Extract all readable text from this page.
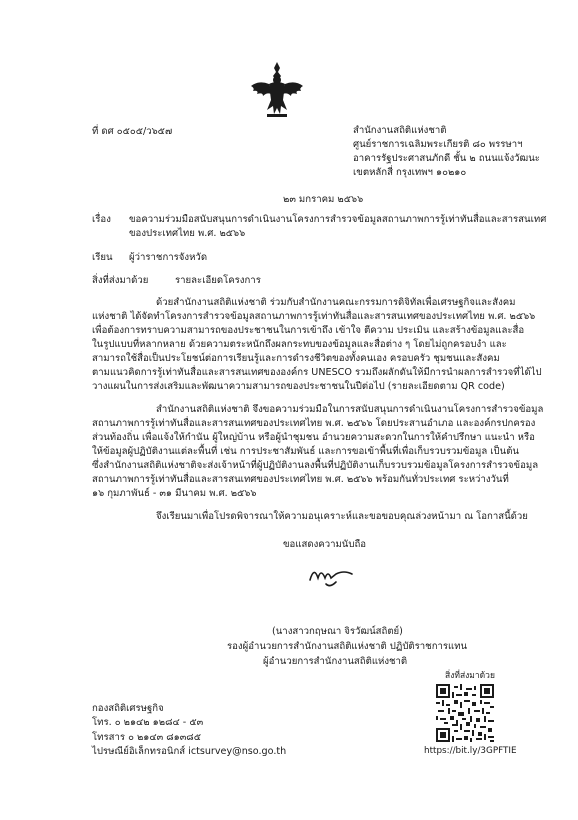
ที่ ดศ ๐๕๐๕/ว๖๕๗	สำนักงานสถิติแห่งชาติ
ศูนย์ราชการเฉลิมพระเกียรติ ๘๐ พรรษาฯ
อาคารรัฐประศาสนภักดี ชั้น ๒ ถนนแจ้งวัฒนะ
เขตหลักสี่ กรุงเทพฯ ๑๐๒๑๐
๒๓ มกราคม ๒๕๖๖
เรื่อง ขอความร่วมมือสนับสนุนการดำเนินงานโครงการสำรวจข้อมูลสถานภาพการรู้เท่าทันสื่อและสารสนเทศ
ของประเทศไทย พ.ศ. ๒๕๖๖
เรียน ผู้ว่าราชการจังหวัด
สิ่งที่ส่งมาด้วย	รายละเอียดโครงการ
ด้วยสำนักงานสถิติแห่งชาติ ร่วมกับสำนักงานคณะกรรมการดิจิทัลเพื่อเศรษฐกิจและสังคม
แห่งชาติ ได้จัดทำโครงการสำรวจข้อมูลสถานภาพการรู้เท่าทันสื่อและสารสนเทศของประเทศไทย พ.ศ. ๒๕๖๖
เพื่อต้องการทราบความสามารถของประชาชนในการเข้าถึง เข้าใจ ตีความ ประเมิน และสร้างข้อมูลและสื่อ
ในรูปแบบที่หลากหลาย ด้วยความตระหนักถึงผลกระทบของข้อมูลและสื่อต่าง ๆ โดยไม่ถูกครอบงำ และ
สามารถใช้สื่อเป็นประโยชน์ต่อการเรียนรู้และการดำรงชีวิตของทั้งคนเอง ครอบครัว ชุมชนและสังคม
ตามแนวคิดการรู้เท่าทันสื่อและสารสนเทศขององค์กร UNESCO รวมถึงผลักดันให้มีการนำผลการสำรวจที่ได้ไป
วางแผนในการส่งเสริมและพัฒนาความสามารถของประชาชนในปีต่อไป (รายละเอียดตาม QR code)
สำนักงานสถิติแห่งชาติ จึงขอความร่วมมือในการสนับสนุนการดำเนินงานโครงการสำรวจข้อมูล
สถานภาพการรู้เท่าทันสื่อและสารสนเทศของประเทศไทย พ.ศ. ๒๕๖๖ โดยประสานอำเภอ และองค์กรปกครอง
ส่วนท้องถิ่น เพื่อแจ้งให้กำนัน ผู้ใหญ่บ้าน หรือผู้นำชุมชน อำนวยความสะดวกในการให้คำปรึกษา แนะนำ หรือ
ให้ข้อมูลผู้ปฏิบัติงานแต่ละพื้นที่ เช่น การประชาสัมพันธ์ และการขอเข้าพื้นที่เพื่อเก็บรวบรวมข้อมูล เป็นต้น
ซึ่งสำนักงานสถิติแห่งชาติจะส่งเจ้าหน้าที่ผู้ปฏิบัติงานลงพื้นที่ปฏิบัติงานเก็บรวบรวมข้อมูลโครงการสำรวจข้อมูล
สถานภาพการรู้เท่าทันสื่อและสารสนเทศของประเทศไทย พ.ศ. ๒๕๖๖ พร้อมกันทั่วประเทศ ระหว่างวันที่
๑๖ กุมภาพันธ์ - ๓๑ มีนาคม พ.ศ. ๒๕๖๖
จึงเรียนมาเพื่อโปรดพิจารณาให้ความอนุเคราะห์และขอขอบคุณล่วงหน้ามา ณ โอกาสนี้ด้วย
ขอแสดงความนับถือ
(นางสาวกฤษณา จิรวัฒน์สถิตย์)
รองผู้อำนวยการสำนักงานสถิติแห่งชาติ ปฏิบัติราชการแทน
ผู้อำนวยการสำนักงานสถิติแห่งชาติ
กองสถิติเศรษฐกิจ
โทร. ๐ ๒๑๔๒ ๑๒๘๔ - ๕๓
โทรสาร ๐ ๒๑๔๓ ๘๑๓๘๕
ไปรษณีย์อิเล็กทรอนิกส์ ictsurvey@nso.go.th
สิ่งที่ส่งมาด้วย
https://bit.ly/3GPFTIE
